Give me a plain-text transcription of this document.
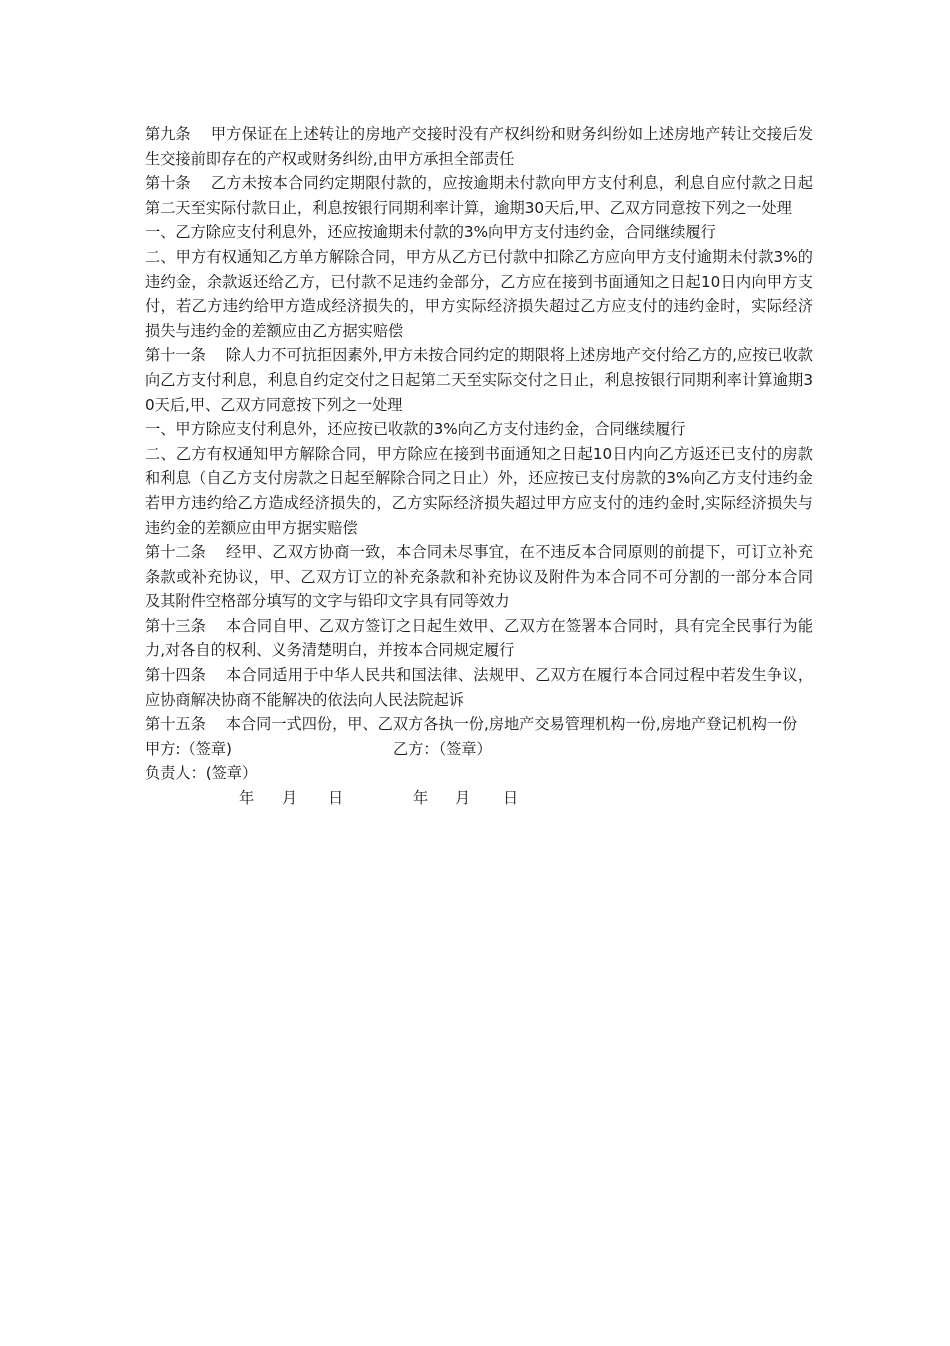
第九条 甲方保证在上述转让的房地产交接时没有产权纠纷和财务纠纷如上述房地产转让交接后发生交接前即存在的产权或财务纠纷,由甲方承担全部责任

第十条 乙方未按本合同约定期限付款的，应按逾期未付款向甲方支付利息，利息自应付款之日起第二天至实际付款日止，利息按银行同期利率计算，逾期30天后,甲、乙双方同意按下列之一处理

一、乙方除应支付利息外，还应按逾期未付款的3%向甲方支付违约金，合同继续履行

二、甲方有权通知乙方单方解除合同，甲方从乙方已付款中扣除乙方应向甲方支付逾期未付款3%的违约金，余款返还给乙方，已付款不足违约金部分，乙方应在接到书面通知之日起10日内向甲方支付，若乙方违约给甲方造成经济损失的，甲方实际经济损失超过乙方应支付的违约金时，实际经济损失与违约金的差额应由乙方据实赔偿

第十一条 除人力不可抗拒因素外,甲方未按合同约定的期限将上述房地产交付给乙方的,应按已收款向乙方支付利息，利息自约定交付之日起第二天至实际交付之日止，利息按银行同期利率计算逾期30天后,甲、乙双方同意按下列之一处理

一、甲方除应支付利息外，还应按已收款的3%向乙方支付违约金，合同继续履行

二、乙方有权通知甲方解除合同，甲方除应在接到书面通知之日起10日内向乙方返还已支付的房款和利息（自乙方支付房款之日起至解除合同之日止）外，还应按已支付房款的3%向乙方支付违约金若甲方违约给乙方造成经济损失的，乙方实际经济损失超过甲方应支付的违约金时,实际经济损失与违约金的差额应由甲方据实赔偿

第十二条 经甲、乙双方协商一致，本合同未尽事宜，在不违反本合同原则的前提下，可订立补充条款或补充协议，甲、乙双方订立的补充条款和补充协议及附件为本合同不可分割的一部分本合同及其附件空格部分填写的文字与铅印文字具有同等效力

第十三条 本合同自甲、乙双方签订之日起生效甲、乙双方在签署本合同时，具有完全民事行为能力,对各自的权利、义务清楚明白，并按本合同规定履行

第十四条 本合同适用于中华人民共和国法律、法规甲、乙双方在履行本合同过程中若发生争议，应协商解决协商不能解决的依法向人民法院起诉

第十五条 本合同一式四份，甲、乙双方各执一份,房地产交易管理机构一份,房地产登记机构一份

甲方:（签章)	乙方：（签章）
负责人：(签章）
年 月 日	年 月 日
